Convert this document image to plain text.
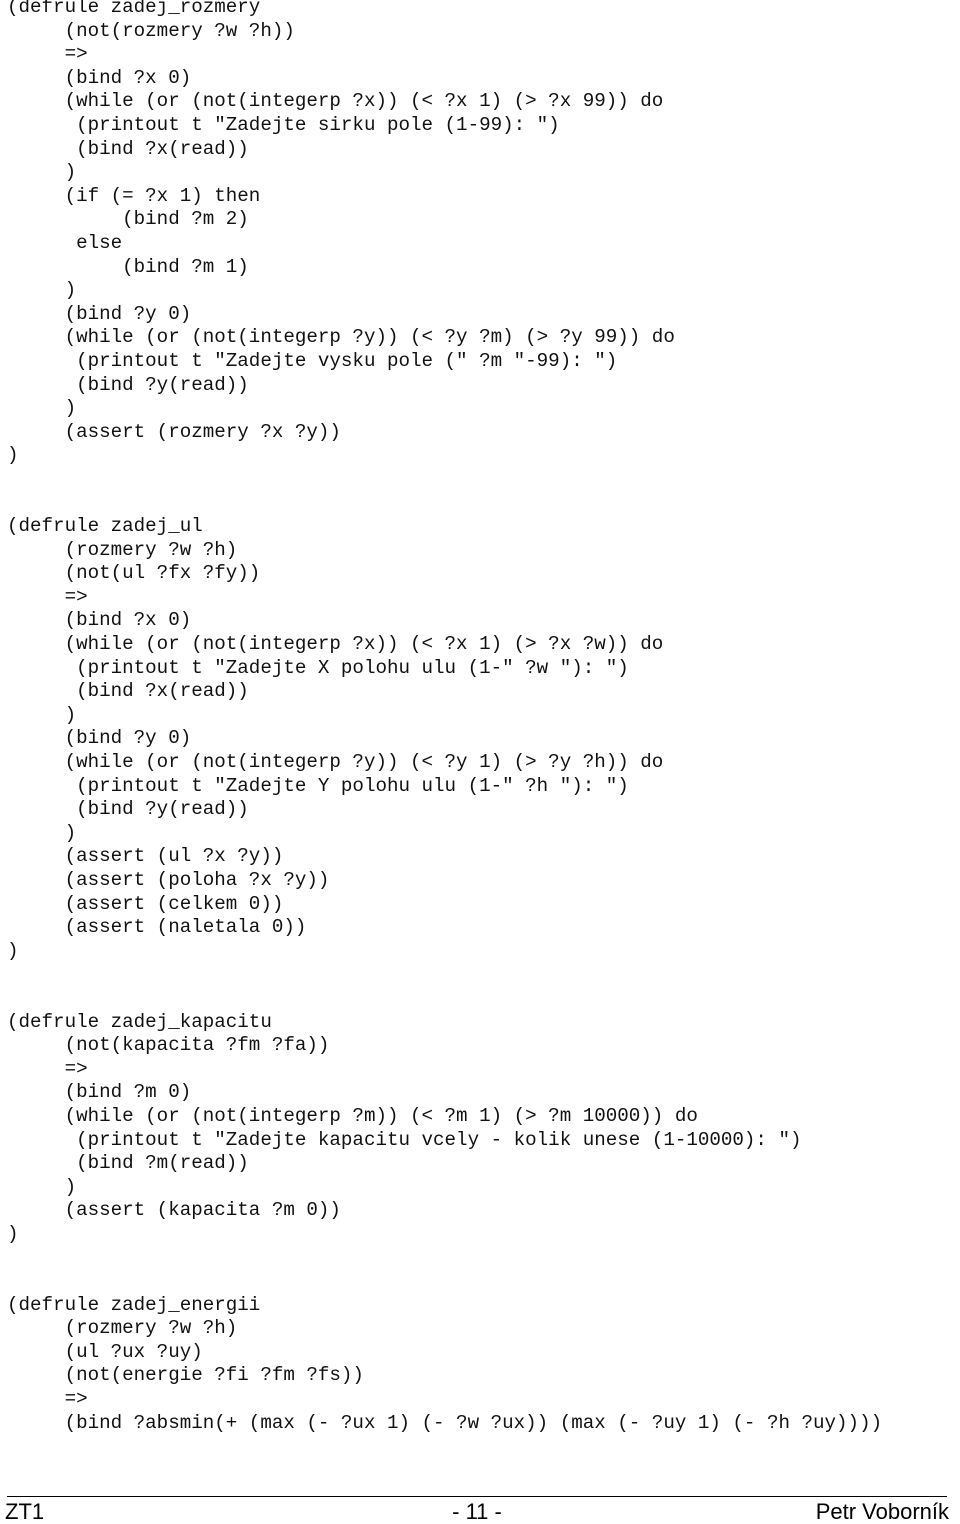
(defrule zadej_rozmery
(not(rozmery ?w ?h))
=>
(bind ?x 0)
(while (or (not(integerp ?x)) (< ?x 1) (> ?x 99)) do
(printout t "Zadejte sirku pole (1-99): ")
(bind ?x(read))
)
(if (= ?x 1) then
(bind ?m 2)
else
(bind ?m 1)
)
(bind ?y 0)
(while (or (not(integerp ?y)) (< ?y ?m) (> ?y 99)) do
(printout t "Zadejte vysku pole (" ?m "-99): ")
(bind ?y(read))
)
(assert (rozmery ?x ?y))
)
(defrule zadej_ul
(rozmery ?w ?h)
(not(ul ?fx ?fy))
=>
(bind ?x 0)
(while (or (not(integerp ?x)) (< ?x 1) (> ?x ?w)) do
(printout t "Zadejte X polohu ulu (1-" ?w "): ")
(bind ?x(read))
)
(bind ?y 0)
(while (or (not(integerp ?y)) (< ?y 1) (> ?y ?h)) do
(printout t "Zadejte Y polohu ulu (1-" ?h "): ")
(bind ?y(read))
)
(assert (ul ?x ?y))
(assert (poloha ?x ?y))
(assert (celkem 0))
(assert (naletala 0))
)
(defrule zadej_kapacitu
(not(kapacita ?fm ?fa))
=>
(bind ?m 0)
(while (or (not(integerp ?m)) (< ?m 1) (> ?m 10000)) do
(printout t "Zadejte kapacitu vcely - kolik unese (1-10000): ")
(bind ?m(read))
)
(assert (kapacita ?m 0))
)
(defrule zadej_energii
(rozmery ?w ?h)
(ul ?ux ?uy)
(not(energie ?fi ?fm ?fs))
=>
(bind ?absmin(+ (max (- ?ux 1) (- ?w ?ux)) (max (- ?uy 1) (- ?h ?uy))))
ZT1	- 11 -	Petr Voborník
